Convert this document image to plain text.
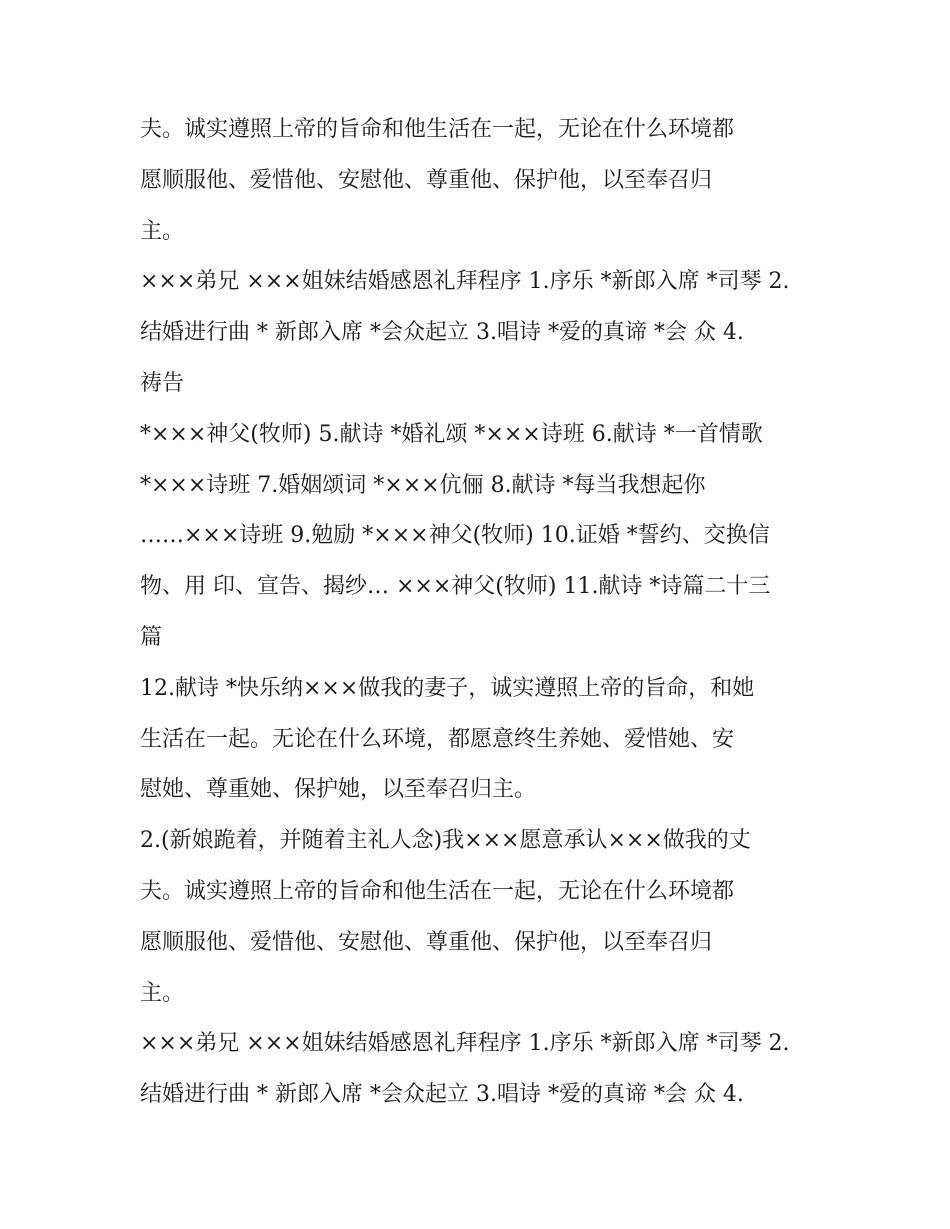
夫。诚实遵照上帝的旨命和他生活在一起，无论在什么环境都
愿顺服他、爱惜他、安慰他、尊重他、保护他，以至奉召归
主。
×××弟兄 ×××姐妹结婚感恩礼拜程序 1.序乐 *新郎入席 *司琴 2.
结婚进行曲 * 新郎入席 *会众起立 3.唱诗 *爱的真谛 *会 众 4.
祷告
*×××神父(牧师) 5.献诗 *婚礼颂 *×××诗班 6.献诗 *一首情歌
*×××诗班 7.婚姻颂词 *×××伉俪 8.献诗 *每当我想起你
……×××诗班 9.勉励 *×××神父(牧师) 10.证婚 *誓约、交换信
物、用 印、宣告、揭纱… ×××神父(牧师) 11.献诗 *诗篇二十三
篇
12.献诗 *快乐纳×××做我的妻子，诚实遵照上帝的旨命，和她
生活在一起。无论在什么环境，都愿意终生养她、爱惜她、安
慰她、尊重她、保护她，以至奉召归主。
2.(新娘跪着，并随着主礼人念)我×××愿意承认×××做我的丈
夫。诚实遵照上帝的旨命和他生活在一起，无论在什么环境都
愿顺服他、爱惜他、安慰他、尊重他、保护他，以至奉召归
主。
×××弟兄 ×××姐妹结婚感恩礼拜程序 1.序乐 *新郎入席 *司琴 2.
结婚进行曲 * 新郎入席 *会众起立 3.唱诗 *爱的真谛 *会 众 4.
